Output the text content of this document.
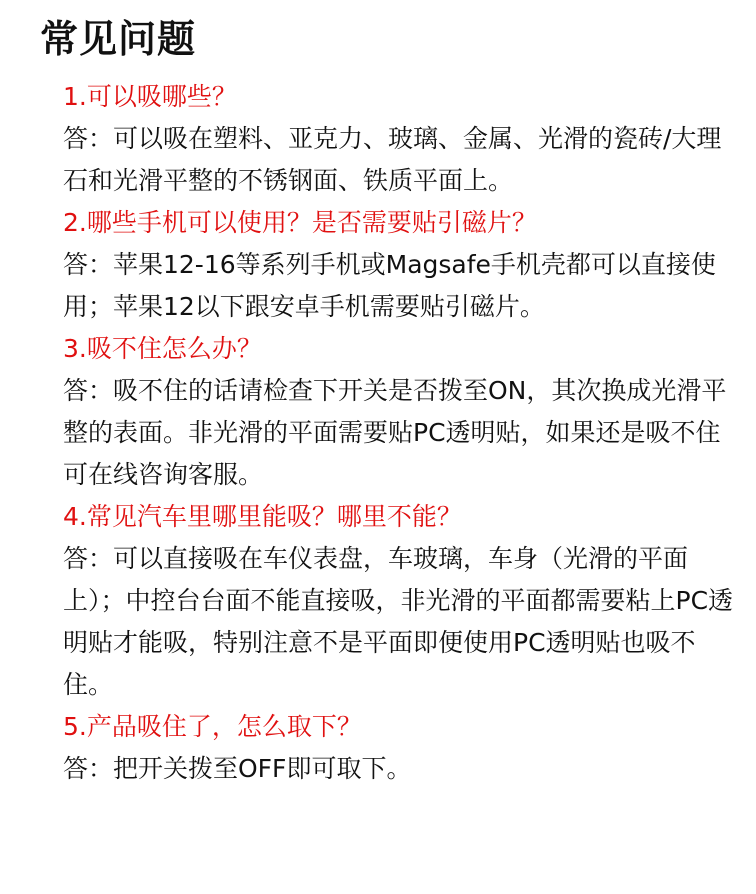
常见问题
1.可以吸哪些？
答：可以吸在塑料、亚克力、玻璃、金属、光滑的瓷砖/大理石和光滑平整的不锈钢面、铁质平面上。
2.哪些手机可以使用？是否需要贴引磁片？
答：苹果12-16等系列手机或Magsafe手机壳都可以直接使用；苹果12以下跟安卓手机需要贴引磁片。
3.吸不住怎么办？
答：吸不住的话请检查下开关是否拨至ON，其次换成光滑平整的表面。非光滑的平面需要贴PC透明贴，如果还是吸不住可在线咨询客服。
4.常见汽车里哪里能吸？哪里不能？
答：可以直接吸在车仪表盘，车玻璃，车身（光滑的平面上）；中控台台面不能直接吸，非光滑的平面都需要粘上PC透明贴才能吸，特别注意不是平面即便使用PC透明贴也吸不住。
5.产品吸住了，怎么取下？
答：把开关拨至OFF即可取下。
